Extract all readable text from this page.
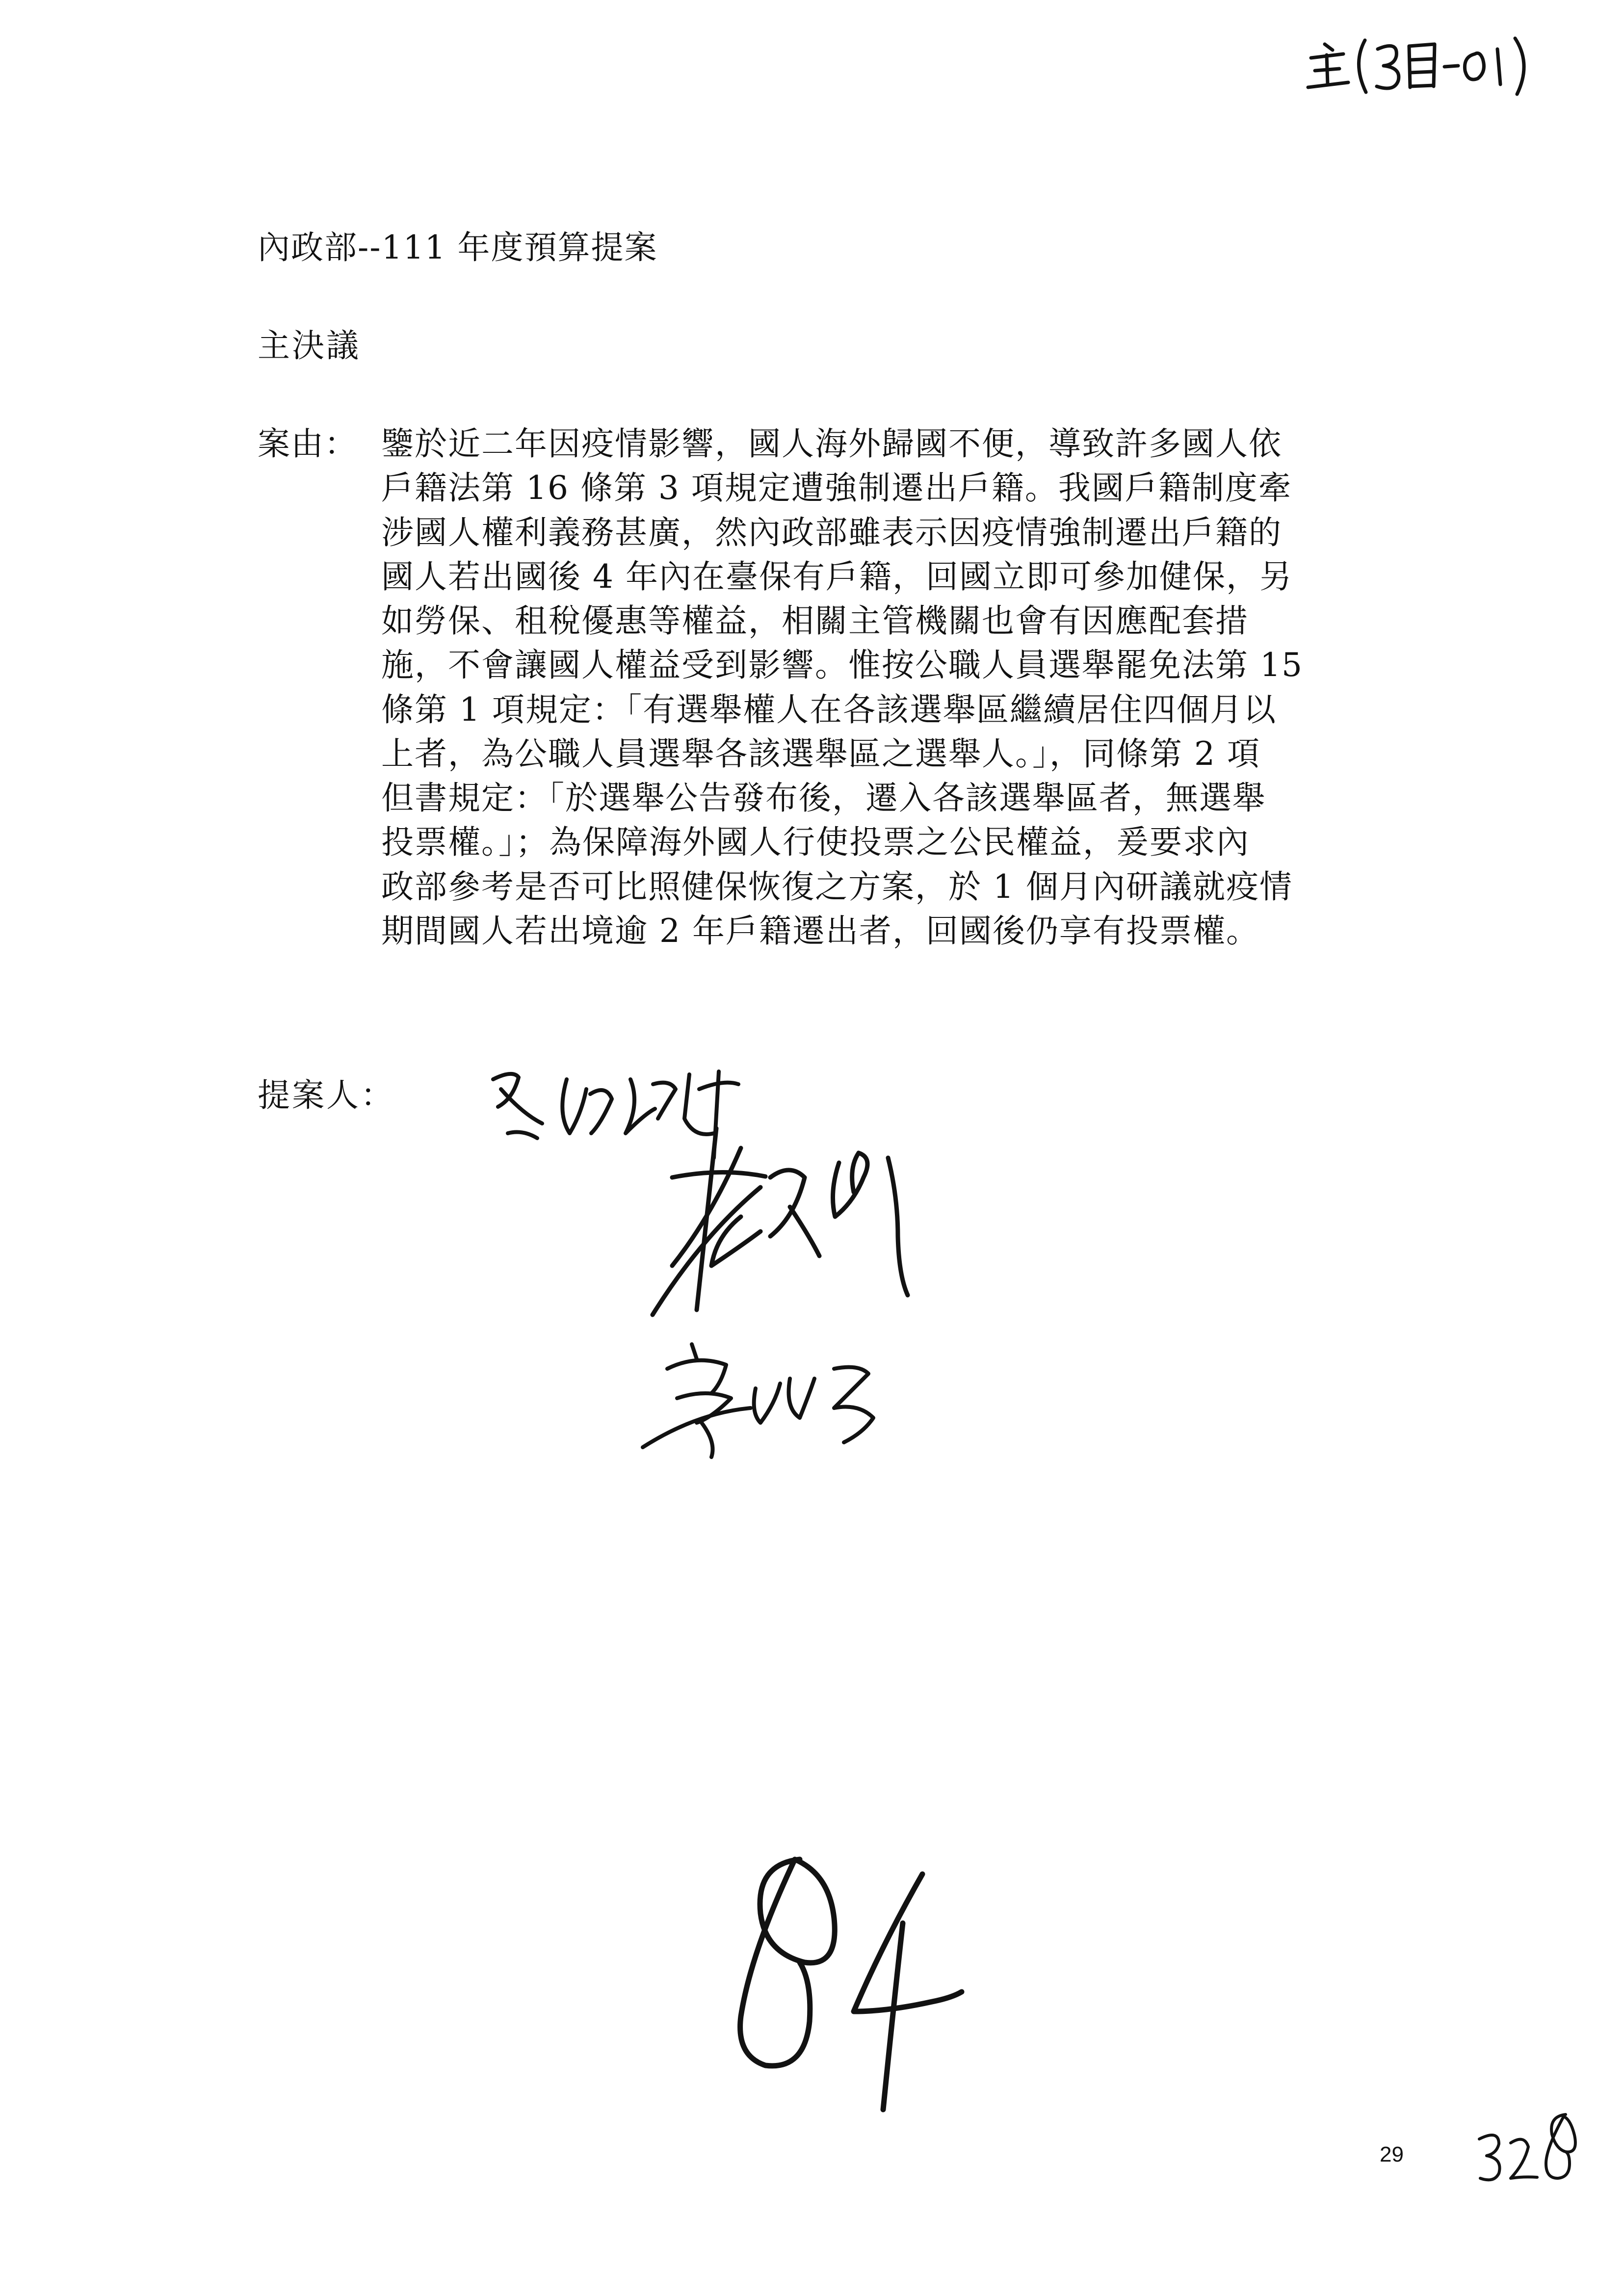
內政部--111 年度預算提案
主決議
案由： 鑒於近二年因疫情影響，國人海外歸國不便，導致許多國人依
戶籍法第 16 條第 3 項規定遭強制遷出戶籍。我國戶籍制度牽
涉國人權利義務甚廣，然內政部雖表示因疫情強制遷出戶籍的
國人若出國後 4 年內在臺保有戶籍，回國立即可參加健保，另
如勞保、租稅優惠等權益，相關主管機關也會有因應配套措
施，不會讓國人權益受到影響。惟按公職人員選舉罷免法第 15
條第 1 項規定：「有選舉權人在各該選舉區繼續居住四個月以
上者，為公職人員選舉各該選舉區之選舉人。」，同條第 2 項
但書規定：「於選舉公告發布後，遷入各該選舉區者，無選舉
投票權。」；為保障海外國人行使投票之公民權益，爰要求內
政部參考是否可比照健保恢復之方案，於 1 個月內研議就疫情
期間國人若出境逾 2 年戶籍遷出者，回國後仍享有投票權。
提案人：
29
